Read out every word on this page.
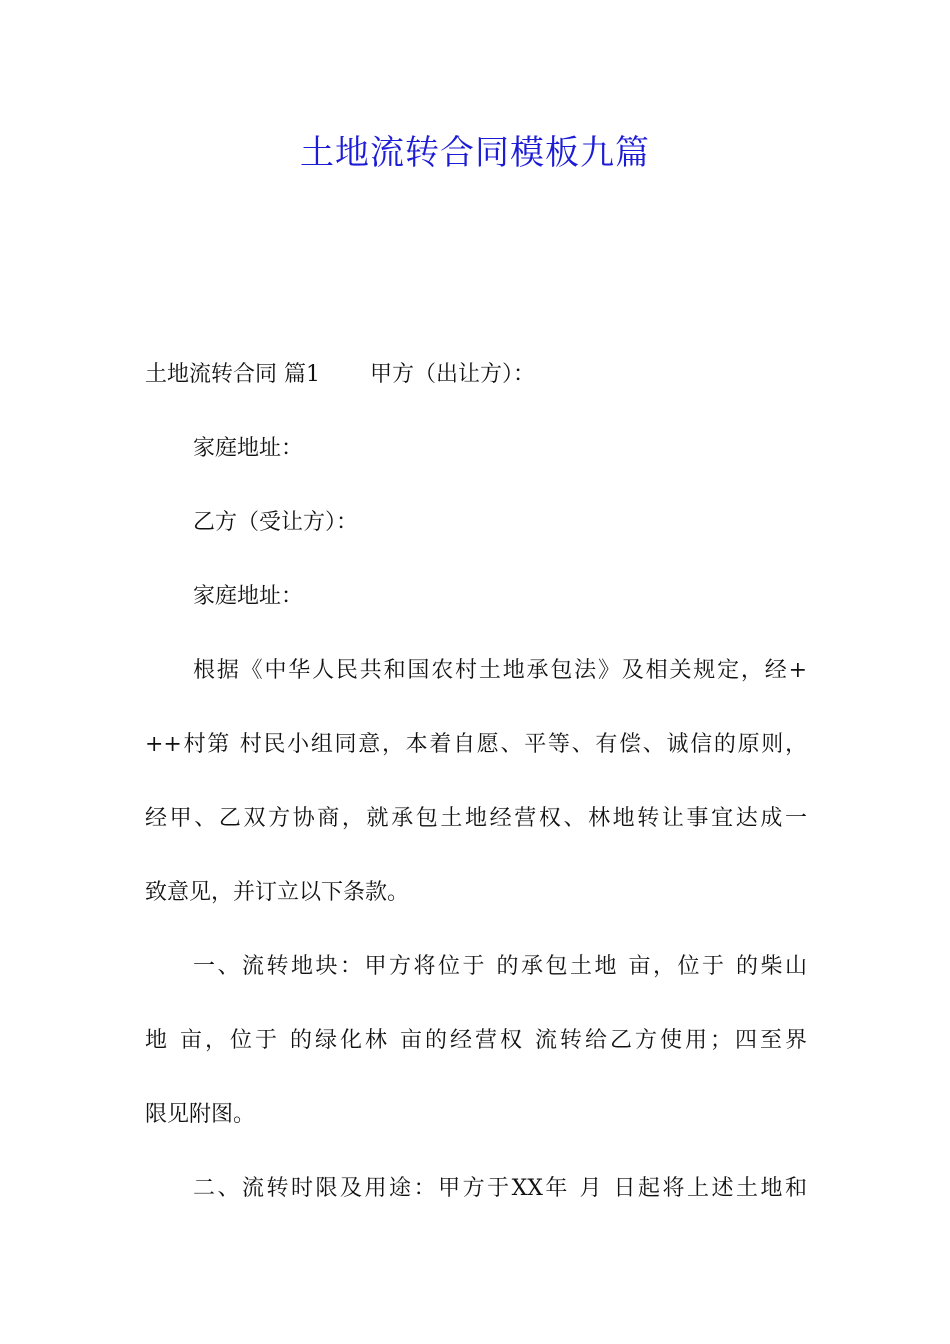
土地流转合同模板九篇
土地流转合同 篇1 甲方（出让方）：
家庭地址：
乙方（受让方）：
家庭地址：
根据《中华人民共和国农村土地承包法》及相关规定，经+
++村第 村民小组同意，本着自愿、平等、有偿、诚信的原则，
经甲、乙双方协商，就承包土地经营权、林地转让事宜达成一
致意见，并订立以下条款。
一、流转地块：甲方将位于 的承包土地 亩，位于 的柴山
地 亩，位于 的绿化林 亩的经营权 流转给乙方使用；四至界
限见附图。
二、流转时限及用途：甲方于XX年 月 日起将上述土地和
